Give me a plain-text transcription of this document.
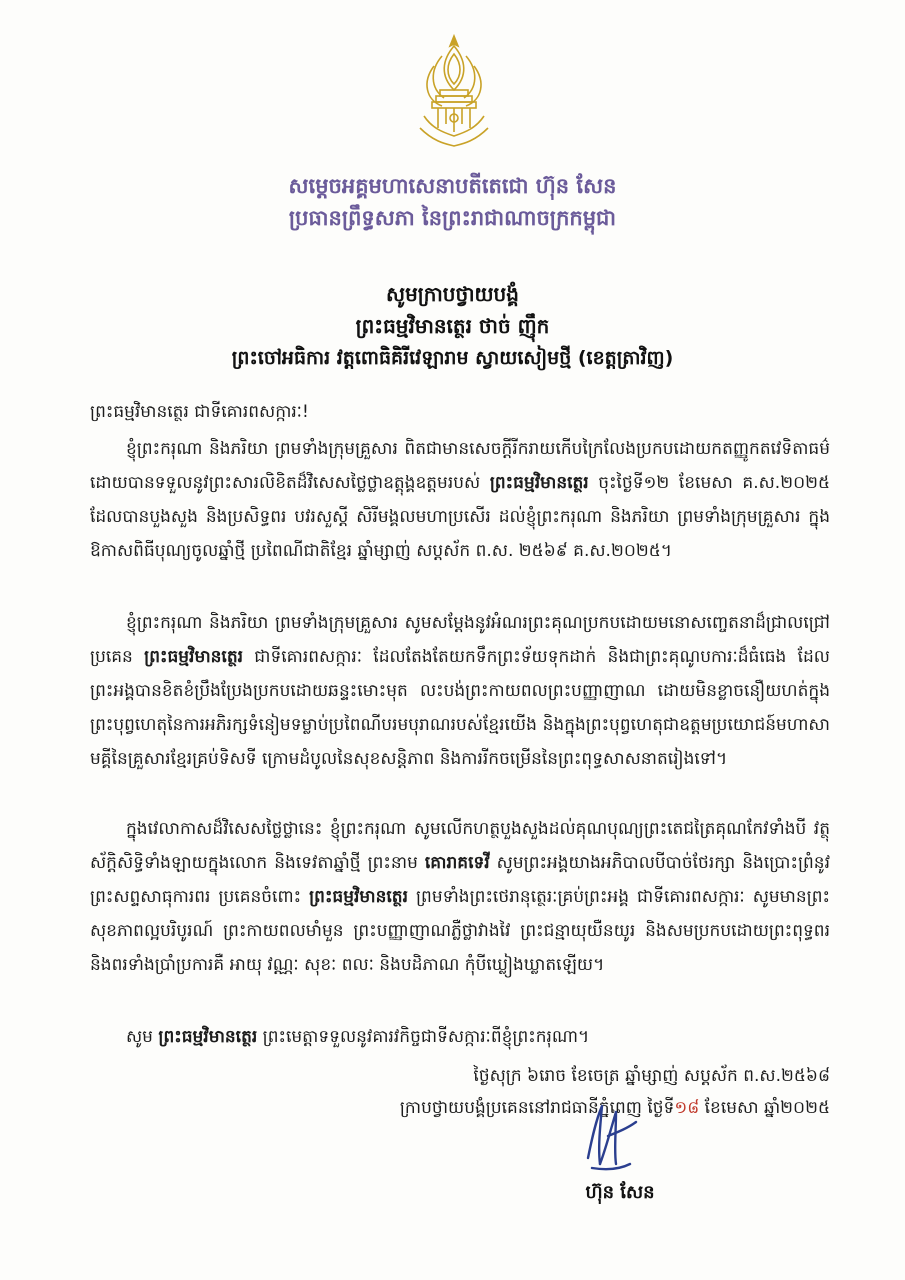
សម្តេចអគ្គមហាសេនាបតីតេជោ ហ៊ុន សែន
ប្រធានព្រឹទ្ធសភា នៃព្រះរាជាណាចក្រកម្ពុជា
សូមក្រាបថ្វាយបង្គំ
ព្រះធម្មវិមានត្ថេរ ថាច់ ញ៉ឹក
ព្រះចៅអធិការ វត្តពោធិគិរីវេឡារាម ស្វាយសៀមថ្មី (ខេត្តត្រាវិញ)
ព្រះធម្មវិមានត្ថេរ ជាទីគោរពសក្ការៈ!
ខ្ញុំព្រះករុណា និងភរិយា ព្រមទាំងក្រុមគ្រួសារ ពិតជាមានសេចក្តីរីករាយកើបក្រៃលែងប្រកបដោយកតញ្ញូកតវេទិតាធម៌ ដោយបានទទួលនូវព្រះសារលិខិតដ៏វិសេសថ្លៃថ្លាឧត្តុង្គឧត្តមរបស់ ព្រះធម្មវិមានត្ថេរ ចុះថ្ងៃទី១២ ខែមេសា គ.ស.២០២៥ ដែលបានបួងសួង និងប្រសិទ្ធពរ បវរសួស្តី សិរីមង្គលមហាប្រសើរ ដល់ខ្ញុំព្រះករុណា និងភរិយា ព្រមទាំងក្រុមគ្រួសារ ក្នុងឱកាសពិធីបុណ្យចូលឆ្នាំថ្មី ប្រពៃណីជាតិខ្មែរ ឆ្នាំម្សាញ់ សប្តស័ក ព.ស. ២៥៦៩ គ.ស.២០២៥។
ខ្ញុំព្រះករុណា និងភរិយា ព្រមទាំងក្រុមគ្រួសារ សូមសម្តែងនូវអំណរព្រះគុណប្រកបដោយមនោសញ្ចេតនាដ៏ជ្រាលជ្រៅប្រគេន ព្រះធម្មវិមានត្ថេរ ជាទីគោរពសក្ការៈ ដែលតែងតែយកទឹកព្រះទ័យទុកដាក់ និងជាព្រះគុណូបការៈដ៏ធំធេង ដែលព្រះអង្គបានខិតខំប្រឹងប្រែងប្រកបដោយឆន្ទះមោះមុត លះបង់ព្រះកាយពលព្រះបញ្ញាញាណ ដោយមិនខ្លាចនឿយហត់ក្នុងព្រះបុព្វហេតុនៃការអភិរក្សទំនៀមទម្លាប់ប្រពៃណីបរមបុរាណរបស់ខ្មែរយើង និងក្នុងព្រះបុព្វហេតុជាឧត្តមប្រយោជន៍មហាសាមគ្គីនៃគ្រួសារខ្មែរគ្រប់ទិសទី ក្រោមដំបូលនៃសុខសន្តិភាព និងការរីកចម្រើននៃព្រះពុទ្ធសាសនាតរៀងទៅ។
ក្នុងវេលាកាសដ៏វិសេសថ្លៃថ្លានេះ ខ្ញុំព្រះករុណា សូមលើកហត្ថបួងសួងដល់គុណបុណ្យព្រះតេជត្រៃគុណកែវទាំងបី វត្ថុស័ក្តិសិទ្ធិទាំងឡាយក្នុងលោក និងទេវតាឆ្នាំថ្មី ព្រះនាម គោរាគទេវី សូមព្រះអង្គយាងអភិបាលបីបាច់ថែរក្សា និងប្រោះព្រំនូវព្រះសព្ទសាធុការពរ ប្រគេនចំពោះ ព្រះធម្មវិមានត្ថេរ ព្រមទាំងព្រះថេរានុត្ថេរៈគ្រប់ព្រះអង្គ ជាទីគោរពសក្ការៈ សូមមានព្រះសុខភាពល្អបរិបូរណ៍ ព្រះកាយពលមាំមួន ព្រះបញ្ញាញាណភ្លឺថ្លាវាងវៃ ព្រះជន្មាយុយឺនយូរ និងសមប្រកបដោយព្រះពុទ្ធពរ និងពរទាំងប្រាំប្រការគឺ អាយុ វណ្ណៈ សុខៈ ពលៈ និងបដិភាណ កុំបីឃ្លៀងឃ្លាតឡើយ។
សូម ព្រះធម្មវិមានត្ថេរ ព្រះមេត្តាទទួលនូវគារវកិច្ចជាទីសក្ការៈពីខ្ញុំព្រះករុណា។
ថ្ងៃសុក្រ ៦រោច ខែចេត្រ ឆ្នាំម្សាញ់ សប្តស័ក ព.ស.២៥៦៨
ក្រាបថ្វាយបង្គំប្រគេននៅរាជធានីភ្នំពេញ ថ្ងៃទី១៨ ខែមេសា ឆ្នាំ២០២៥
ហ៊ុន សែន
